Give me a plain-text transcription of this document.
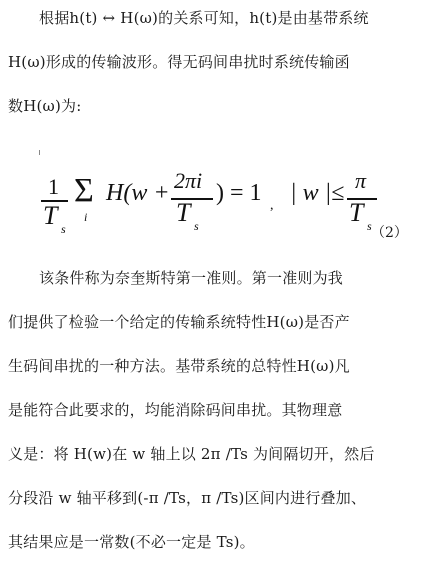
根据h(t) ↔ H(ω)的关系可知，h(t)是由基带系统
H(ω)形成的传输波形。得无码间串扰时系统传输函
数H(ω)为:
1
T s
Σ
i
H(w + 2πi
T s
) = 1 , | w |≤ π
T s （2）
该条件称为奈奎斯特第一准则。第一准则为我
们提供了检验一个给定的传输系统特性H(ω)是否产
生码间串扰的一种方法。基带系统的总特性H(ω)凡
是能符合此要求的，均能消除码间串扰。其物理意
义是：将 H(w)在 w 轴上以 2π /Ts 为间隔切开，然后
分段沿 w 轴平移到(-π /Ts，π /Ts)区间内进行叠加、
其结果应是一常数(不必一定是 Ts)。
